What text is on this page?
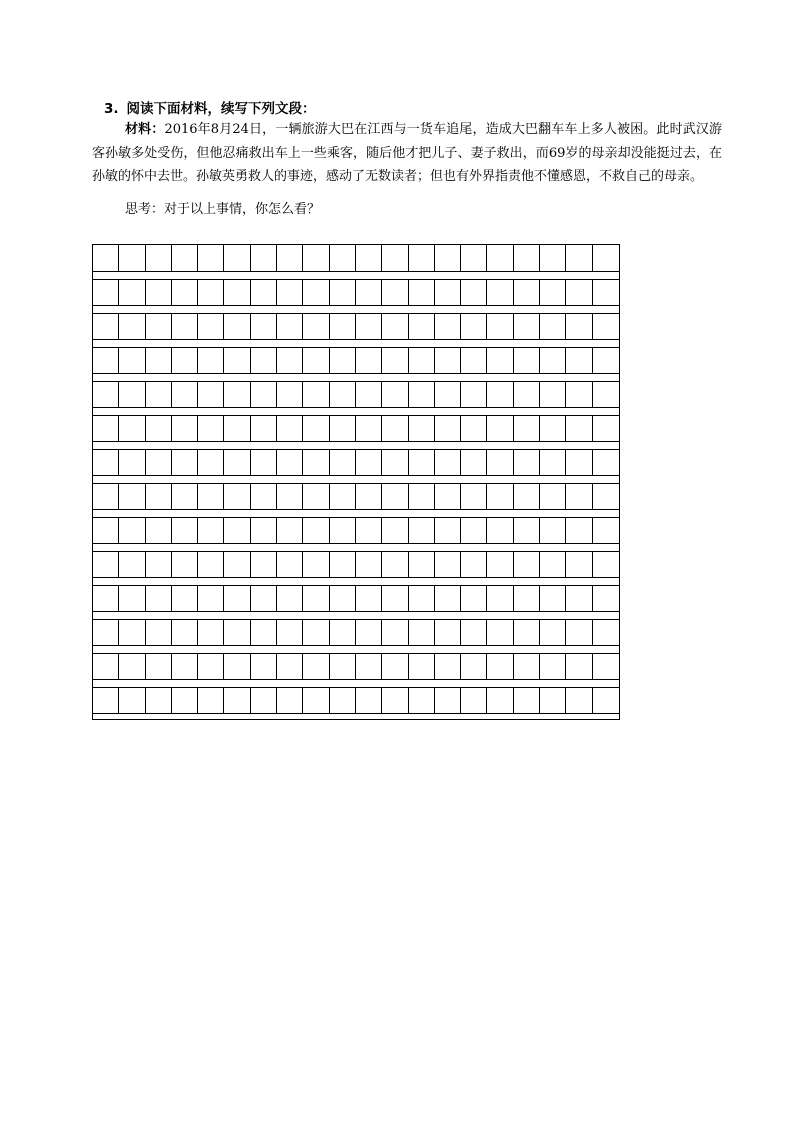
3. 阅读下面材料，续写下列文段：
材料：2016年8月24日，一辆旅游大巴在江西与一货车追尾，造成大巴翻车车上多人被困。此时武汉游客孙敏多处受伤，但他忍痛救出车上一些乘客，随后他才把儿子、妻子救出，而69岁的母亲却没能挺过去，在孙敏的怀中去世。孙敏英勇救人的事迹，感动了无数读者；但也有外界指责他不懂感恩，不救自己的母亲。
思考：对于以上事情，你怎么看？
